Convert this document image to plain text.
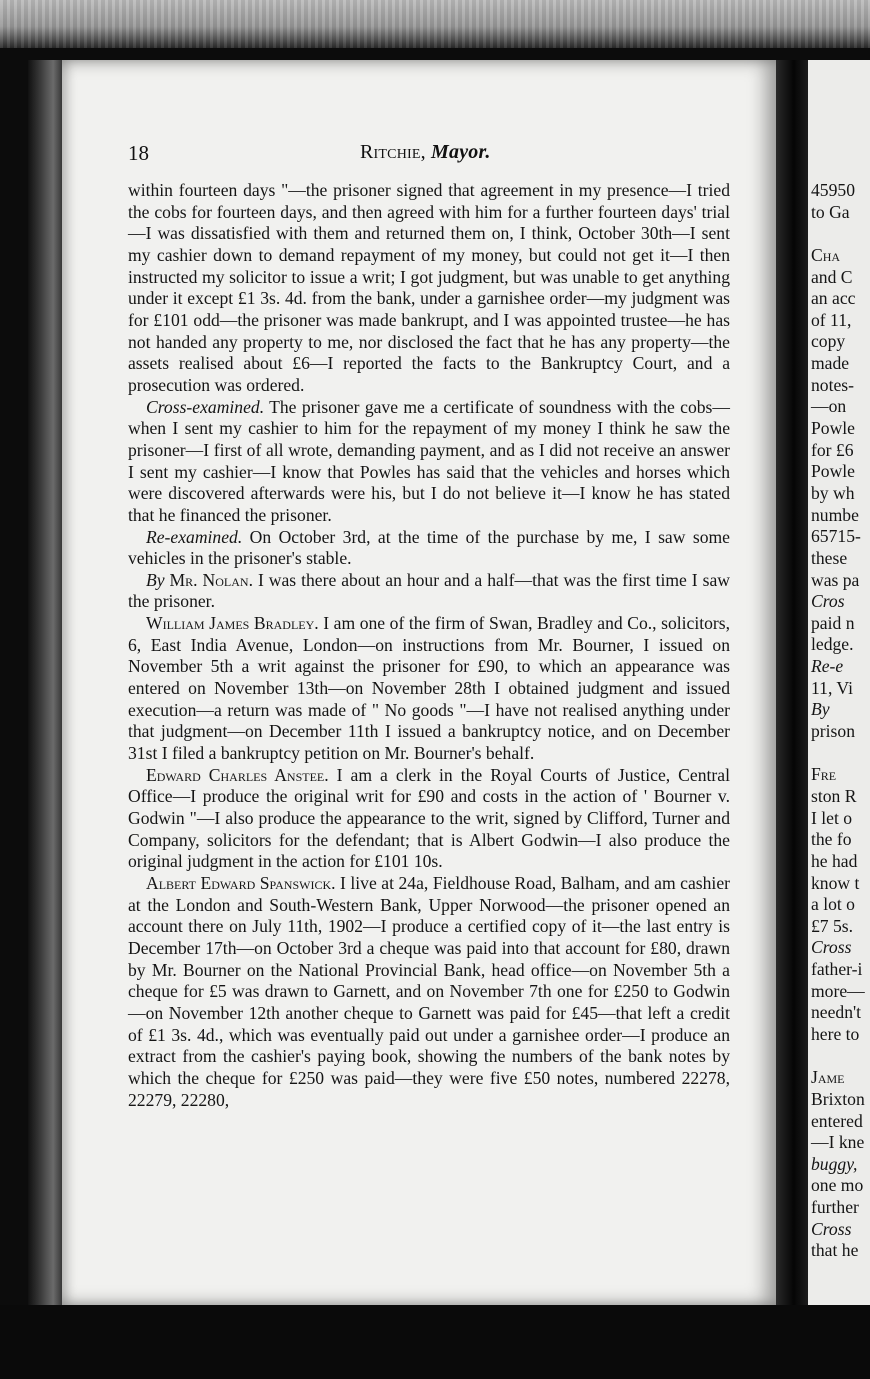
18	Ritchie, Mayor.
within fourteen days "—the prisoner signed that agreement in my presence—I tried the cobs for fourteen days, and then agreed with him for a further fourteen days' trial—I was dissatisfied with them and returned them on, I think, October 30th—I sent my cashier down to demand repayment of my money, but could not get it—I then instructed my solicitor to issue a writ; I got judgment, but was unable to get anything under it except £1 3s. 4d. from the bank, under a garnishee order—my judgment was for £101 odd—the prisoner was made bankrupt, and I was appointed trustee—he has not handed any property to me, nor disclosed the fact that he has any property—the assets realised about £6—I reported the facts to the Bankruptcy Court, and a prosecution was ordered.
Cross-examined. The prisoner gave me a certificate of soundness with the cobs—when I sent my cashier to him for the repayment of my money I think he saw the prisoner—I first of all wrote, demanding payment, and as I did not receive an answer I sent my cashier—I know that Powles has said that the vehicles and horses which were discovered afterwards were his, but I do not believe it—I know he has stated that he financed the prisoner.
Re-examined. On October 3rd, at the time of the purchase by me, I saw some vehicles in the prisoner's stable.
By Mr. Nolan. I was there about an hour and a half—that was the first time I saw the prisoner.
William James Bradley. I am one of the firm of Swan, Bradley and Co., solicitors, 6, East India Avenue, London—on instructions from Mr. Bourner, I issued on November 5th a writ against the prisoner for £90, to which an appearance was entered on November 13th—on November 28th I obtained judgment and issued execution—a return was made of " No goods "—I have not realised anything under that judgment—on December 11th I issued a bankruptcy notice, and on December 31st I filed a bankruptcy petition on Mr. Bourner's behalf.
Edward Charles Anstee. I am a clerk in the Royal Courts of Justice, Central Office—I produce the original writ for £90 and costs in the action of ' Bourner v. Godwin "—I also produce the appearance to the writ, signed by Clifford, Turner and Company, solicitors for the defendant; that is Albert Godwin—I also produce the original judgment in the action for £101 10s.
Albert Edward Spanswick. I live at 24a, Fieldhouse Road, Balham, and am cashier at the London and South-Western Bank, Upper Norwood—the prisoner opened an account there on July 11th, 1902—I produce a certified copy of it—the last entry is December 17th—on October 3rd a cheque was paid into that account for £80, drawn by Mr. Bourner on the National Provincial Bank, head office—on November 5th a cheque for £5 was drawn to Garnett, and on November 7th one for £250 to Godwin—on November 12th another cheque to Garnett was paid for £45—that left a credit of £1 3s. 4d., which was eventually paid out under a garnishee order—I produce an extract from the cashier's paying book, showing the numbers of the bank notes by which the cheque for £250 was paid—they were five £50 notes, numbered 22278, 22279, 22280,
45950
to Ga
Cha
and C
an acc
of 11,
copy
made
notes-
—on
Powle
for £6
Powle
by wh
numbe
65715-
these
was pa
Cros
paid n
ledge.
Re-e
11, Vi
By
prison
Fre
ston R
I let o
the fo
he had
know t
a lot o
£7 5s.
Cross
father-i
more—
needn't
here to
Jame
Brixton
entered
—I kne
buggy,
one mo
further
Cross
that he
